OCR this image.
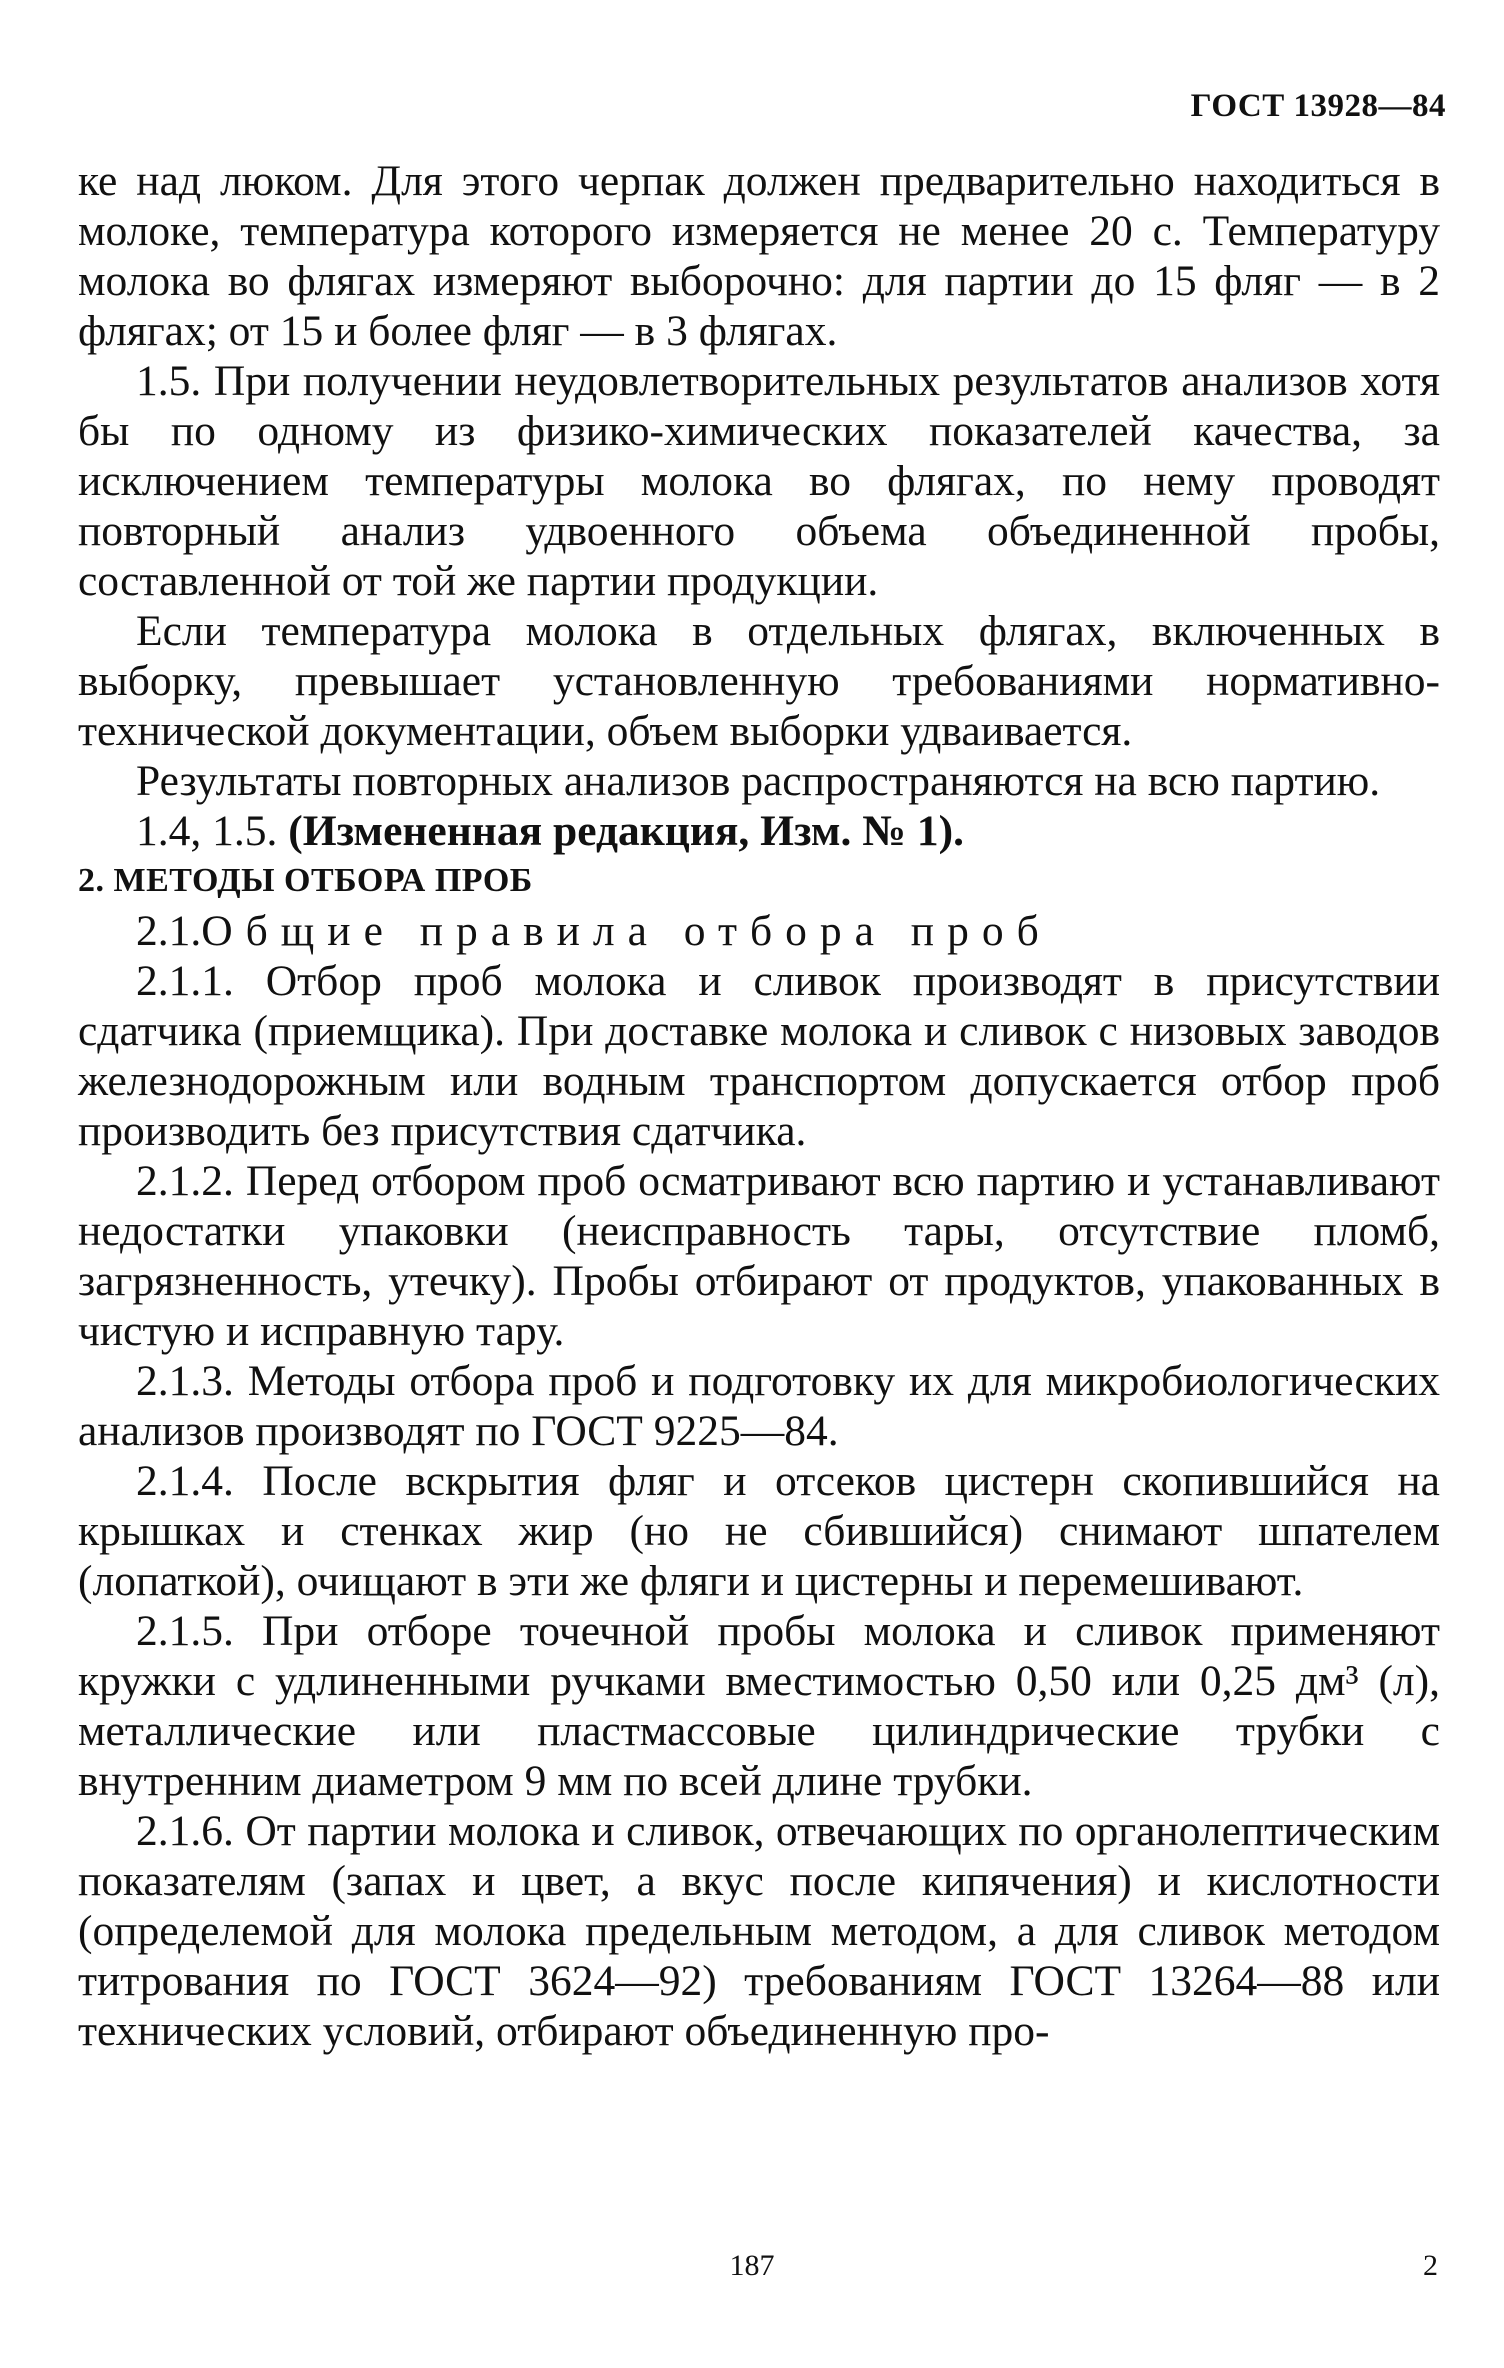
ГОСТ 13928—84

ке над люком. Для этого черпак должен предварительно находиться в молоке, температура которого измеряется не менее 20 с. Температуру молока во флягах измеряют выборочно: для партии до 15 фляг — в 2 флягах; от 15 и более фляг — в 3 флягах.

1.5. При получении неудовлетворительных результатов анализов хотя бы по одному из физико-химических показателей качества, за исключением температуры молока во флягах, по нему проводят повторный анализ удвоенного объема объединенной пробы, составленной от той же партии продукции.

Если температура молока в отдельных флягах, включенных в выборку, превышает установленную требованиями нормативно-технической документации, объем выборки удваивается.

Результаты повторных анализов распространяются на всю партию.

1.4, 1.5. (Измененная редакция, Изм. № 1).

2. МЕТОДЫ ОТБОРА ПРОБ

2.1.Общие правила отбора проб

2.1.1. Отбор проб молока и сливок производят в присутствии сдатчика (приемщика). При доставке молока и сливок с низовых заводов железнодорожным или водным транспортом допускается отбор проб производить без присутствия сдатчика.

2.1.2. Перед отбором проб осматривают всю партию и устанавливают недостатки упаковки (неисправность тары, отсутствие пломб, загрязненность, утечку). Пробы отбирают от продуктов, упакованных в чистую и исправную тару.

2.1.3. Методы отбора проб и подготовку их для микробиологических анализов производят по ГОСТ 9225—84.

2.1.4. После вскрытия фляг и отсеков цистерн скопившийся на крышках и стенках жир (но не сбившийся) снимают шпателем (лопаткой), очищают в эти же фляги и цистерны и перемешивают.

2.1.5. При отборе точечной пробы молока и сливок применяют кружки с удлиненными ручками вместимостью 0,50 или 0,25 дм³ (л), металлические или пластмассовые цилиндрические трубки с внутренним диаметром 9 мм по всей длине трубки.

2.1.6. От партии молока и сливок, отвечающих по органолептическим показателям (запах и цвет, а вкус после кипячения) и кислотности (определемой для молока предельным методом, а для сливок методом титрования по ГОСТ 3624—92) требованиям ГОСТ 13264—88 или технических условий, отбирают объединенную про-

187	2
